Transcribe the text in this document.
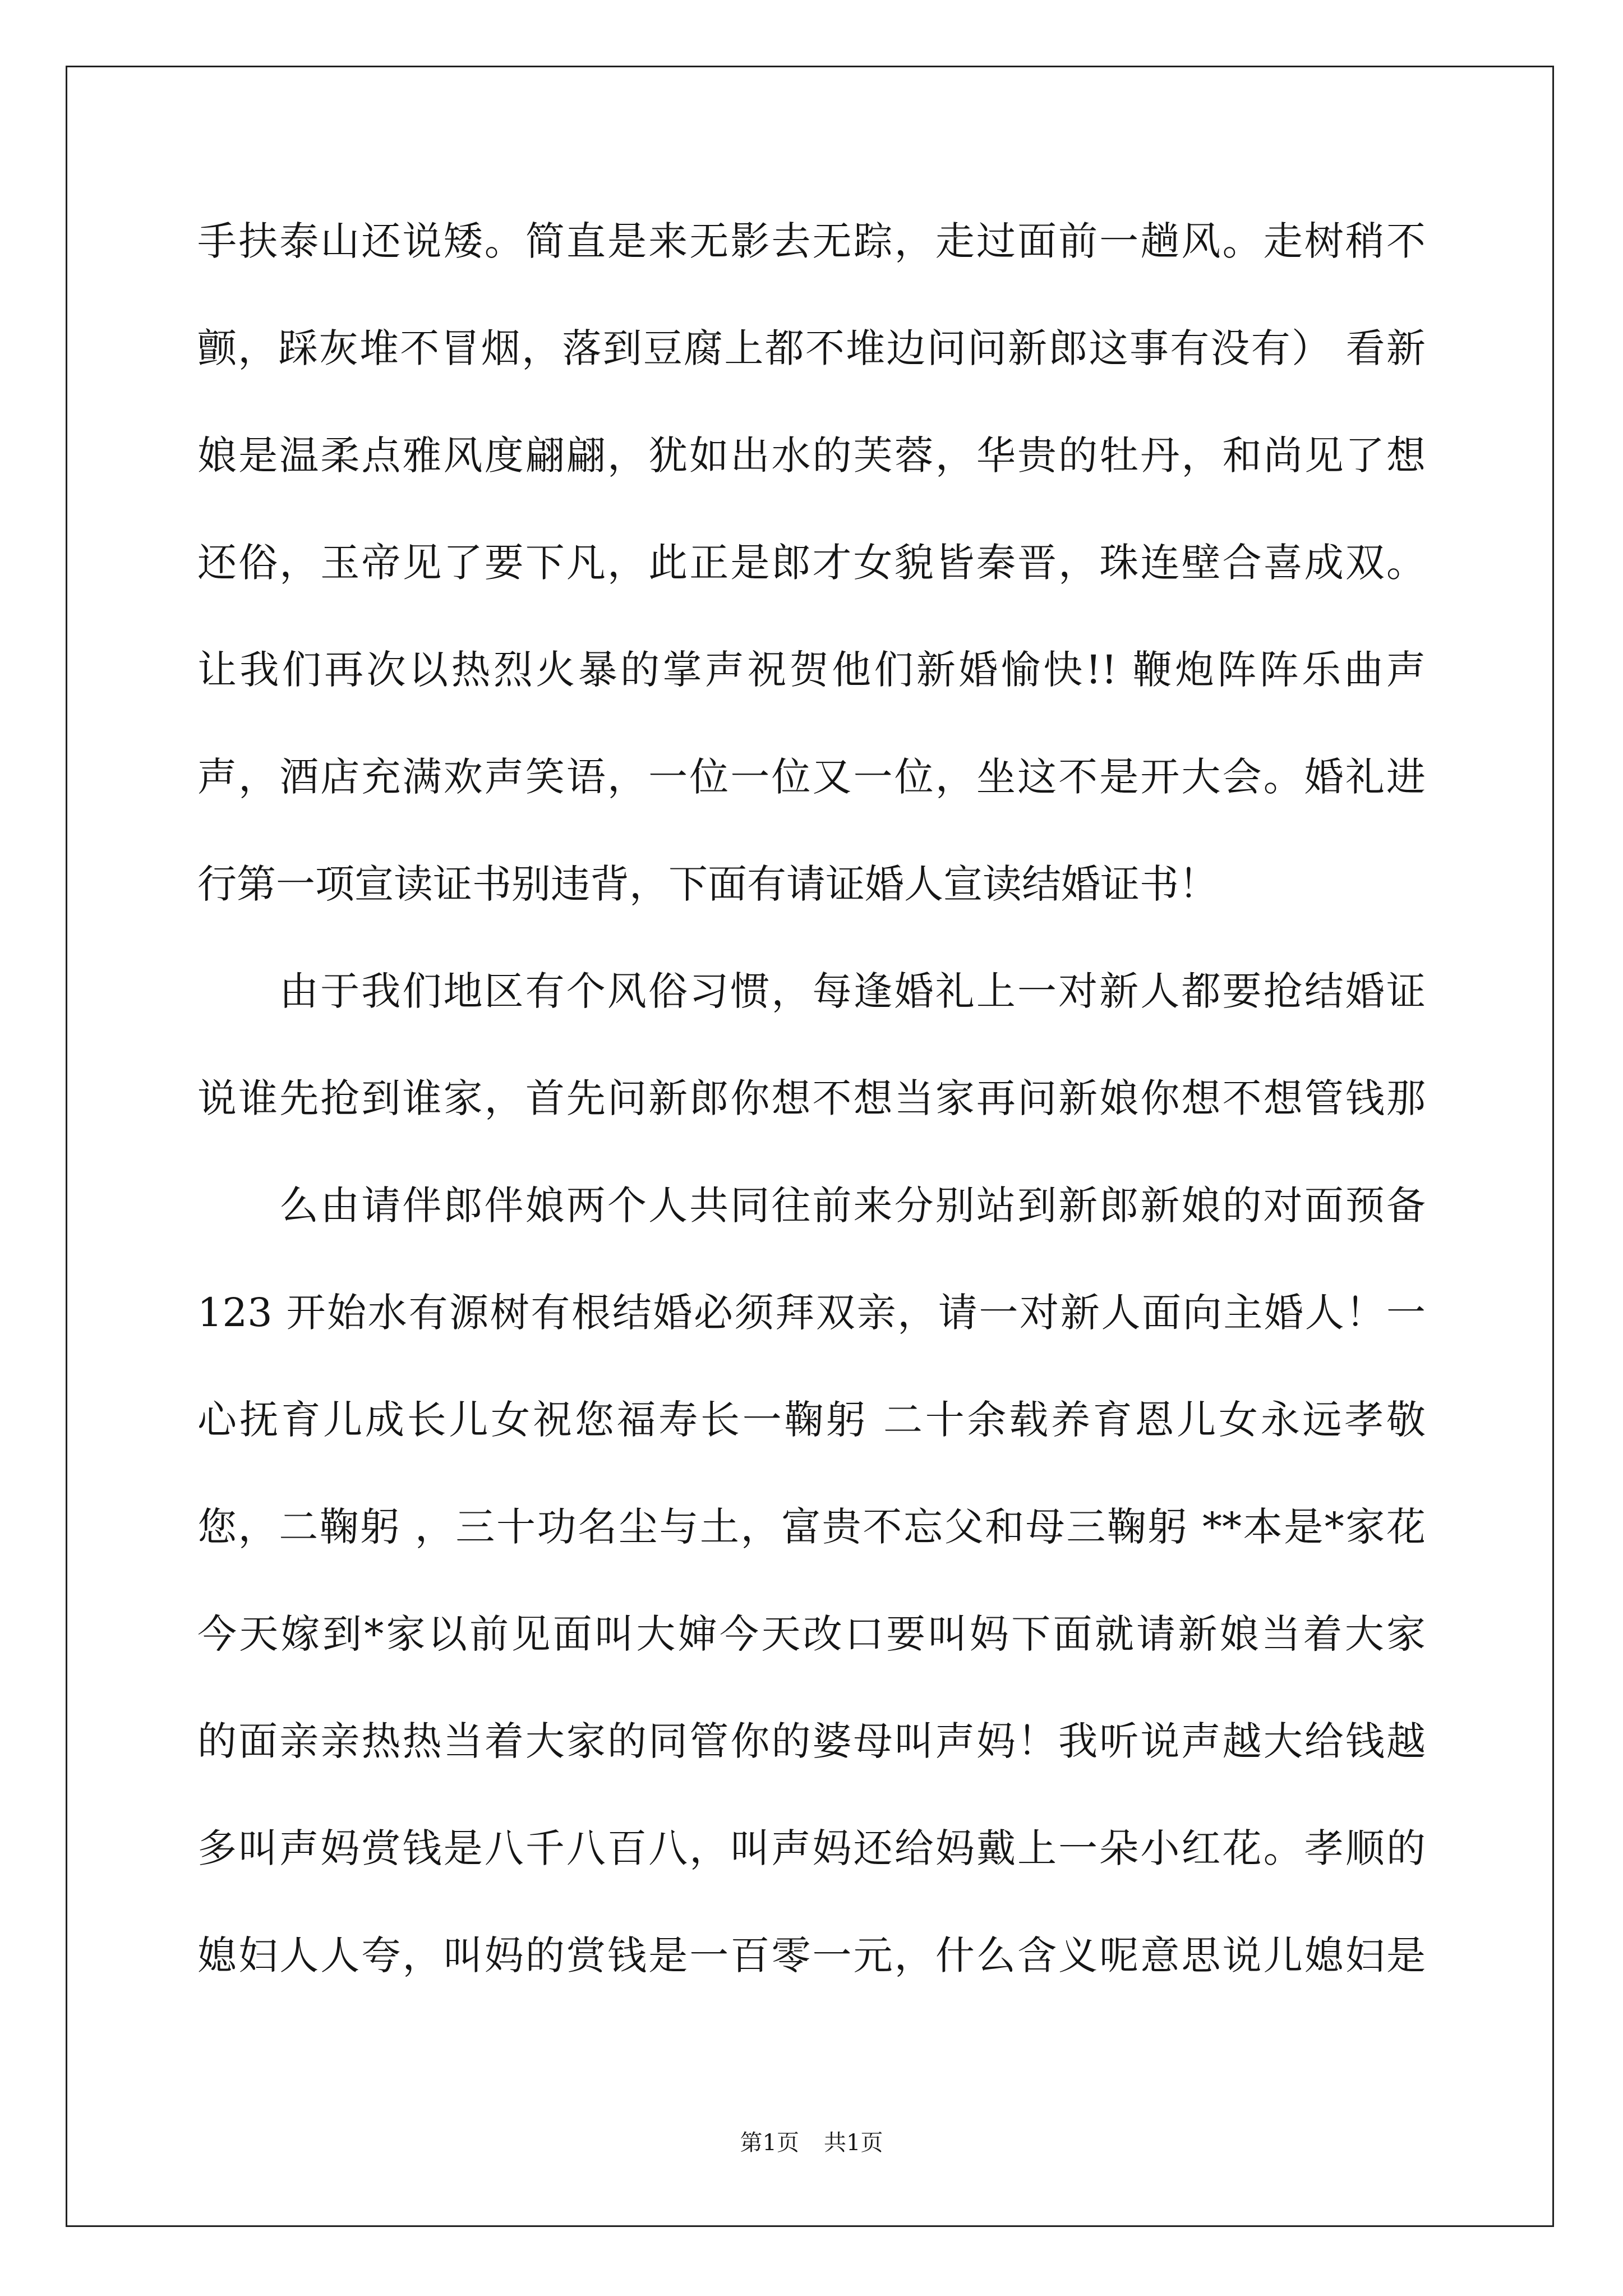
手扶泰山还说矮。简直是来无影去无踪，走过面前一趟风。走树稍不
颤，踩灰堆不冒烟，落到豆腐上都不堆边问问新郎这事有没有） 看新
娘是温柔点雅风度翩翩，犹如出水的芙蓉，华贵的牡丹，和尚见了想
还俗，玉帝见了要下凡，此正是郎才女貌皆秦晋，珠连壁合喜成双。
让我们再次以热烈火暴的掌声祝贺他们新婚愉快!! 鞭炮阵阵乐曲声
声，酒店充满欢声笑语，一位一位又一位，坐这不是开大会。婚礼进
行第一项宣读证书别违背，下面有请证婚人宣读结婚证书！
由于我们地区有个风俗习惯，每逢婚礼上一对新人都要抢结婚证
说谁先抢到谁家，首先问新郎你想不想当家再问新娘你想不想管钱那
么由请伴郎伴娘两个人共同往前来分别站到新郎新娘的对面预备
123 开始水有源树有根结婚必须拜双亲，请一对新人面向主婚人！一
心抚育儿成长儿女祝您福寿长一鞠躬 二十余载养育恩儿女永远孝敬
您，二鞠躬 ，三十功名尘与土，富贵不忘父和母三鞠躬 **本是*家花
今天嫁到*家以前见面叫大婶今天改口要叫妈下面就请新娘当着大家
的面亲亲热热当着大家的同管你的婆母叫声妈！我听说声越大给钱越
多叫声妈赏钱是八千八百八，叫声妈还给妈戴上一朵小红花。孝顺的
媳妇人人夸，叫妈的赏钱是一百零一元，什么含义呢意思说儿媳妇是
第1页 共1页
